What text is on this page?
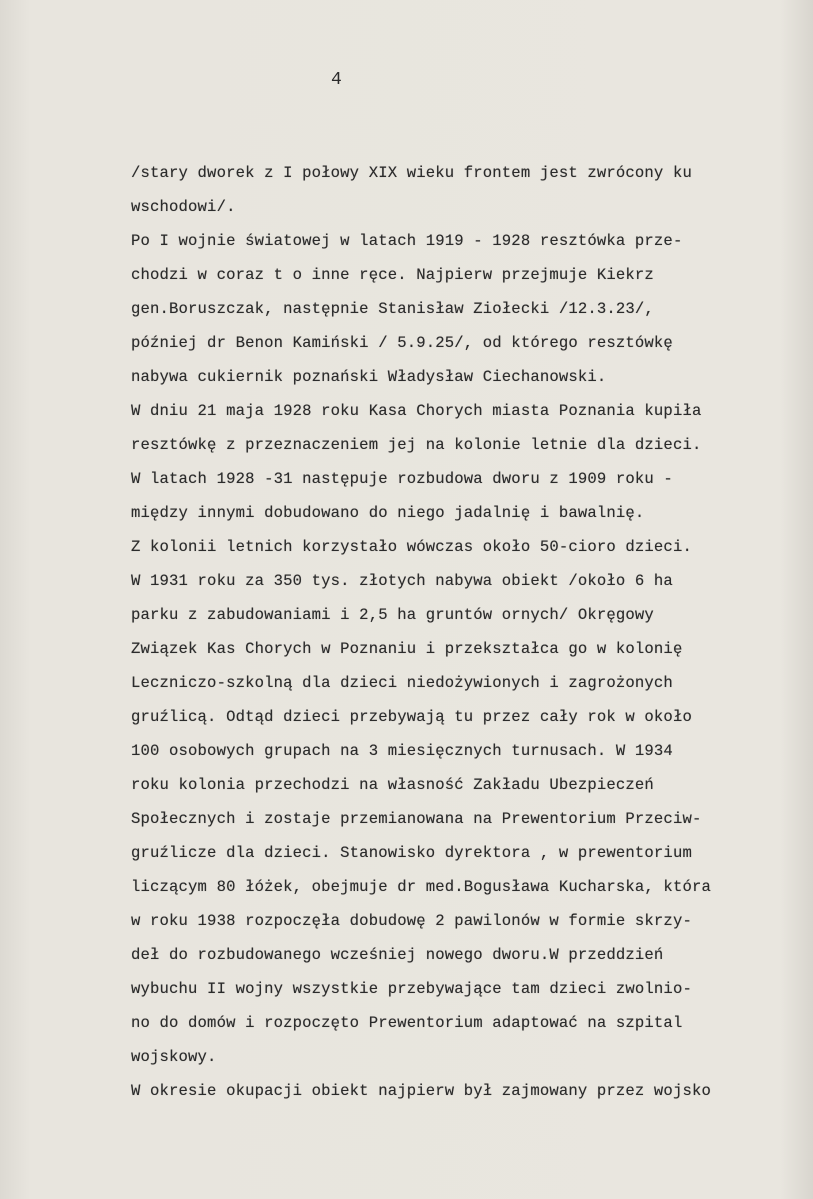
4
/stary dworek z I połowy XIX wieku frontem jest zwrócony ku
wschodowi/.
Po I wojnie światowej w latach 1919 - 1928 resztówka prze-
chodzi w coraz t o inne ręce. Najpierw przejmuje Kiekrz
gen.Boruszczak, następnie Stanisław Ziołecki /12.3.23/,
później dr Benon Kamiński / 5.9.25/, od którego resztówkę
nabywa cukiernik poznański Władysław Ciechanowski.
W dniu 21 maja 1928 roku Kasa Chorych miasta Poznania kupiła
resztówkę z przeznaczeniem jej na kolonie letnie dla dzieci.
W latach 1928 -31 następuje rozbudowa dworu z 1909 roku -
między innymi dobudowano do niego jadalnię i bawalnię.
Z kolonii letnich korzystało wówczas około 50-cioro dzieci.
W 1931 roku za 350 tys. złotych nabywa obiekt /około 6 ha
parku z zabudowaniami i 2,5 ha gruntów ornych/ Okręgowy
Związek Kas Chorych w Poznaniu i przekształca go w kolonię
Leczniczo-szkolną dla dzieci niedożywionych i zagrożonych
gruźlicą. Odtąd dzieci przebywają tu przez cały rok w około
100 osobowych grupach na 3 miesięcznych turnusach. W 1934
roku kolonia przechodzi na własność Zakładu Ubezpieczeń
Społecznych i zostaje przemianowana na Prewentorium Przeciw-
gruźlicze dla dzieci. Stanowisko dyrektora , w prewentorium
liczącym 80 łóżek, obejmuje dr med.Bogusława Kucharska, która
w roku 1938 rozpoczęła dobudowę 2 pawilonów w formie skrzy-
deł do rozbudowanego wcześniej nowego dworu.W przeddzień
wybuchu II wojny wszystkie przebywające tam dzieci zwolnio-
no do domów i rozpoczęto Prewentorium adaptować na szpital
wojskowy.
W okresie okupacji obiekt najpierw był zajmowany przez wojsko
